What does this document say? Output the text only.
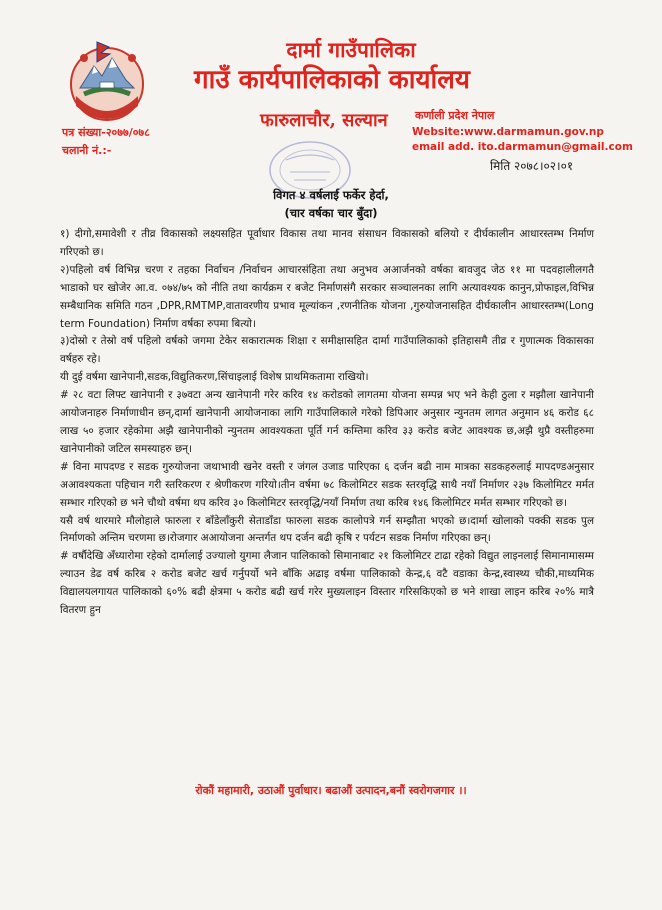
दार्मा गाउँपालिका
गाउँ कार्यपालिकाको कार्यालय
फारुलाचौर, सल्यान कर्णाली प्रदेश नेपाल
Website:www.darmamun.gov.np
email add. ito.darmamun@gmail.com
पत्र संख्या-२०७७/०७८
चलानी नं.:-
मिति २०७८।०२।०१
विगत ४ वर्षलाई फर्केर हेर्दा,
(चार वर्षका चार बुँदा)

१) दीगो,समावेशी र तीव्र विकासको लक्ष्यसहित पूर्वाधार विकास तथा मानव संसाधन विकासको बलियो र दीर्घकालीन आधारस्तम्भ निर्माण गरिएको छ।

२)पहिलो वर्ष विभिन्न चरण र तहका निर्वाचन /निर्वाचन आचारसंहिता तथा अनुभव अआर्जनको वर्षका बावजुद जेठ ११ मा पदवहालीलगतै भाडाको घर खोजेर आ.व. ०७४/७५ को नीति तथा कार्यक्रम र बजेट निर्माणसंगै सरकार सञ्चालनका लागि अत्यावश्यक कानुन,प्रोफाइल,विभिन्न सम्बैधानिक समिति गठन ,DPR,RMTMP,वातावरणीय प्रभाव मूल्यांकन ,रणनीतिक योजना ,गुरुयोजनासहित दीर्घकालीन आधारस्तम्भ(Long term Foundation) निर्माण वर्षका रुपमा बित्यो।

३)दोस्रो र तेस्रो वर्ष पहिलो वर्षको जगमा टेकेर सकारात्मक शिक्षा र समीक्षासहित दार्मा गाउँपालिकाको इतिहासमै तीव्र र गुणात्मक विकासका वर्षहरु रहे।

यी दुई वर्षमा खानेपानी,सडक,विद्युतिकरण,सिंचाइलाई विशेष प्राथमिकतामा राखियो।

# २८ वटा लिफ्ट खानेपानी र ३७वटा अन्य खानेपानी गरेर करिव १४ करोडको लागतमा योजना सम्पन्न भए भने केही ठुला र मझौला खानेपानी आयोजनाहरु निर्माणाधीन छन्,दार्मा खानेपानी आयोजनाका लागि गाउँपालिकाले गरेको डिपिआर अनुसार न्युनतम लागत अनुमान ४६ करोड ६८ लाख ५० हजार रहेकोमा अझै खानेपानीको न्युनतम आवश्यकता पूर्ति गर्न कम्तिमा करिव ३३ करोड बजेट आवश्यक छ,अझै थुप्रै वस्तीहरुमा खानेपानीको जटिल समस्याहरु छन्।

# विना मापदण्ड र सडक गुरुयोजना जथाभावी खनेर वस्ती र जंगल उजाड पारिएका ६ दर्जन बढी नाम मात्रका सडकहरुलाई मापदण्डअनुसार अआवश्यकता पहिचान गरी स्तरिकरण र श्रेणीकरण गरियो।तीन वर्षमा ७८ किलोमिटर सडक स्तरवृद्धि साथै नयाँ निर्माणर २३७ किलोमिटर मर्मत सम्भार गरिएको छ भने चौथो वर्षमा थप करिव ३० किलोमिटर स्तरवृद्धि/नयाँ निर्माण तथा करिब १४६ किलोमिटर मर्मत सम्भार गरिएको छ।

यसै वर्ष थारमारे मौलोहाले फारुला र बाँडेलाँकुरी सेताडाँडा फारुला सडक कालोपत्रे गर्न सम्झौता भएको छ।दार्मा खोलाको पक्की सडक पुल निर्माणको अन्तिम चरणमा छ।रोजगार अआयोजना अन्तर्गत थप दर्जन बढी कृषि र पर्यटन सडक निर्माण गरिएका छन्।

# वर्षौदेखि अँध्यारोमा रहेको दार्मालाई उज्यालो युगमा लैजान पालिकाको सिमानाबाट २१ किलोमिटर टाढा रहेको विद्युत लाइनलाई सिमानामासम्म ल्याउन डेढ वर्ष करिब २ करोड बजेट खर्च गर्नुपर्यो भने बाँकि अढाइ वर्षमा पालिकाको केन्द्र,६ वटै वडाका केन्द्र,स्वास्थ्य चौकी,माध्यमिक विद्यालयलगायत पालिकाको ६०% बढी क्षेत्रमा ५ करोड बढी खर्च गरेर मुख्यलाइन विस्तार गरिसकिएको छ भने शाखा लाइन करिब २०% मात्रै वितरण हुन

रोकौं महामारी, उठाऔं पुर्वाधार। बढाऔं उत्पादन,बनौं स्वरोगजगार ।।
